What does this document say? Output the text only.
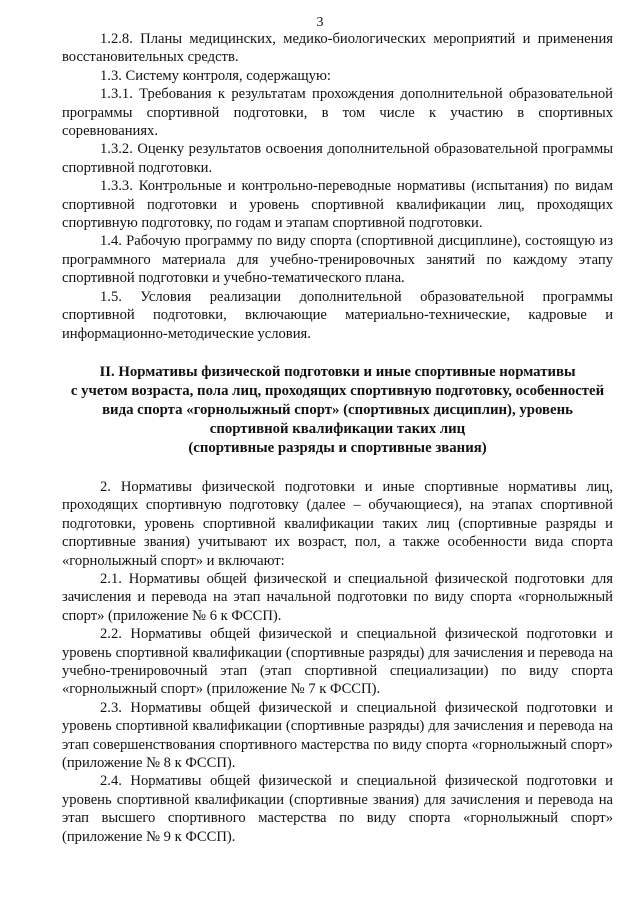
3

1.2.8. Планы медицинских, медико-биологических мероприятий и применения восстановительных средств.

1.3. Систему контроля, содержащую:

1.3.1. Требования к результатам прохождения дополнительной образовательной программы спортивной подготовки, в том числе к участию в спортивных соревнованиях.

1.3.2. Оценку результатов освоения дополнительной образовательной программы спортивной подготовки.

1.3.3. Контрольные и контрольно-переводные нормативы (испытания) по видам спортивной подготовки и уровень спортивной квалификации лиц, проходящих спортивную подготовку, по годам и этапам спортивной подготовки.

1.4. Рабочую программу по виду спорта (спортивной дисциплине), состоящую из программного материала для учебно-тренировочных занятий по каждому этапу спортивной подготовки и учебно-тематического плана.

1.5. Условия реализации дополнительной образовательной программы спортивной подготовки, включающие материально-технические, кадровые и информационно-методические условия.

II. Нормативы физической подготовки и иные спортивные нормативы
с учетом возраста, пола лиц, проходящих спортивную подготовку, особенностей
вида спорта «горнолыжный спорт» (спортивных дисциплин), уровень
спортивной квалификации таких лиц
(спортивные разряды и спортивные звания)

2. Нормативы физической подготовки и иные спортивные нормативы лиц, проходящих спортивную подготовку (далее – обучающиеся), на этапах спортивной подготовки, уровень спортивной квалификации таких лиц (спортивные разряды и спортивные звания) учитывают их возраст, пол, а также особенности вида спорта «горнолыжный спорт» и включают:

2.1. Нормативы общей физической и специальной физической подготовки для зачисления и перевода на этап начальной подготовки по виду спорта «горнолыжный спорт» (приложение № 6 к ФССП).

2.2. Нормативы общей физической и специальной физической подготовки и уровень спортивной квалификации (спортивные разряды) для зачисления и перевода на учебно-тренировочный этап (этап спортивной специализации) по виду спорта «горнолыжный спорт» (приложение № 7 к ФССП).

2.3. Нормативы общей физической и специальной физической подготовки и уровень спортивной квалификации (спортивные разряды) для зачисления и перевода на этап совершенствования спортивного мастерства по виду спорта «горнолыжный спорт» (приложение № 8 к ФССП).

2.4. Нормативы общей физической и специальной физической подготовки и уровень спортивной квалификации (спортивные звания) для зачисления и перевода на этап высшего спортивного мастерства по виду спорта «горнолыжный спорт» (приложение № 9 к ФССП).
